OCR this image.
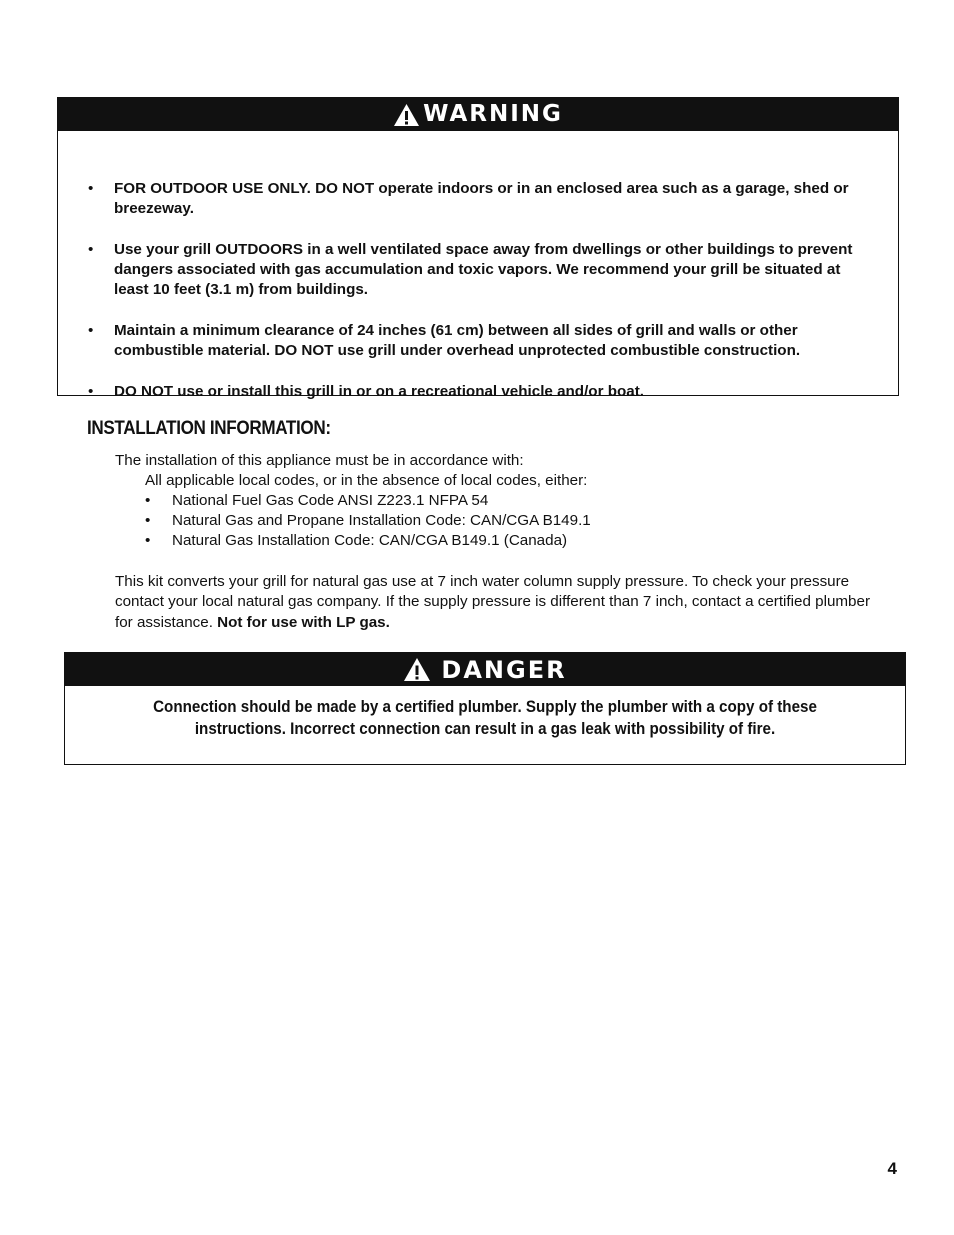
WARNING
• FOR OUTDOOR USE ONLY. DO NOT operate indoors or in an enclosed area such as a garage, shed or breezeway.
• Use your grill OUTDOORS in a well ventilated space away from dwellings or other buildings to prevent dangers associated with gas accumulation and toxic vapors. We recommend your grill be situated at least 10 feet (3.1 m) from buildings.
• Maintain a minimum clearance of 24 inches (61 cm) between all sides of grill and walls or other combustible material. DO NOT use grill under overhead unprotected combustible construction.
• DO NOT use or install this grill in or on a recreational vehicle and/or boat.
INSTALLATION INFORMATION:

The installation of this appliance must be in accordance with:

All applicable local codes, or in the absence of local codes, either:

• National Fuel Gas Code ANSI Z223.1 NFPA 54
• Natural Gas and Propane Installation Code: CAN/CGA B149.1
• Natural Gas Installation Code: CAN/CGA B149.1 (Canada)

This kit converts your grill for natural gas use at 7 inch water column supply pressure. To check your pressure contact your local natural gas company. If the supply pressure is different than 7 inch, contact a certified plumber for assistance. Not for use with LP gas.

DANGER

Connection should be made by a certified plumber. Supply the plumber with a copy of these instructions. Incorrect connection can result in a gas leak with possibility of fire.

4
